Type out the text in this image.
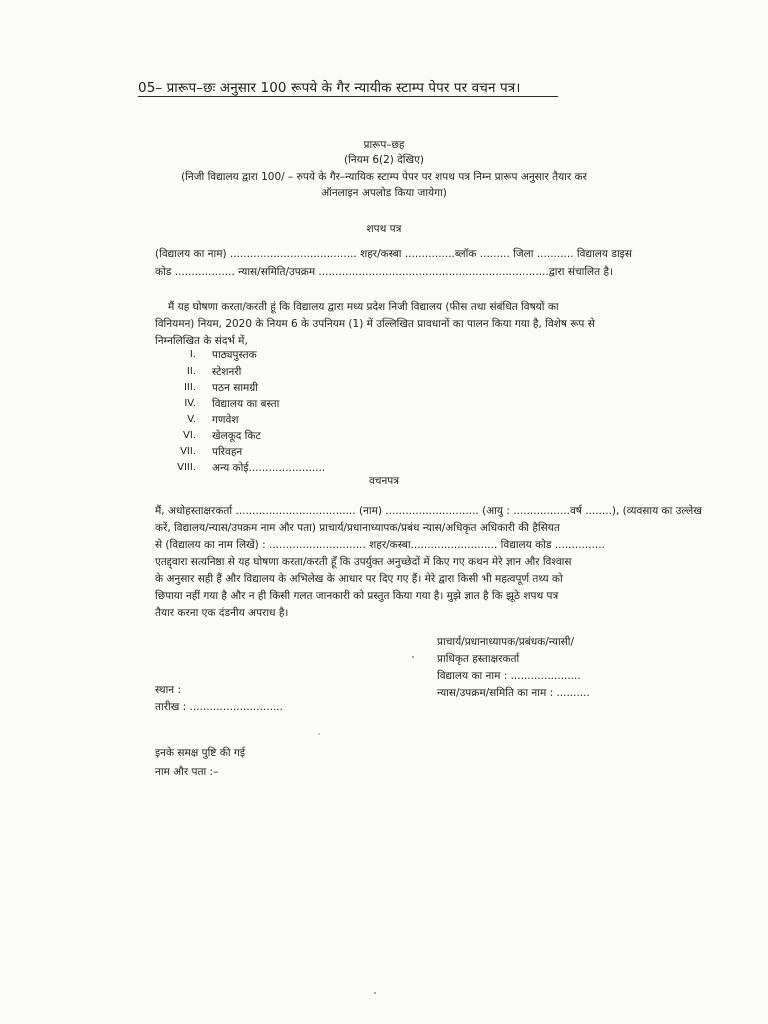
05– प्रारूप–छः अनुसार 100 रूपये के गैर न्यायीक स्टाम्प पेपर पर वचन पत्र।
प्रारूप–छह
(नियम 6(2) देखिए)
(निजी विद्यालय द्वारा 100/ – रुपये के गैर–न्यायिक स्टाम्प पेपर पर शपथ पत्र निम्न प्रारूप अनुसार तैयार कर
ऑनलाइन अपलोड किया जायेगा)
शपथ पत्र
(विद्यालय का नाम) ...................................... शहर/कस्बा ...............ब्लॉक ......... जिला ........... विद्यालय डाइस
कोड .................. न्यास/समिति/उपक्रम .....................................................................द्वारा संचालित है।
मैं यह घोषणा करता/करती हूं कि विद्यालय द्वारा मध्य प्रदेश निजी विद्यालय (फीस तथा संबंधित विषयों का
विनियमन) नियम, 2020 के नियम 6 के उपनियम (1) में उल्लिखित प्रावधानों का पालन किया गया है, विशेष रूप से
निम्नलिखित के संदर्भ में,
I. पाठ्यपुस्तक
II. स्टेशनरी
III. पठन सामग्री
IV. विद्यालय का बस्ता
V. गणवेश
VI. खेलकूद किट
VII. परिवहन
VIII. अन्य कोई.......................
वचनपत्र
मैं, अधोहस्ताक्षरकर्ता .................................... (नाम) ............................ (आयु : .................वर्ष ........), (व्यवसाय का उल्लेख
करें, विद्यालय/न्यास/उपक्रम नाम और पता) प्राचार्य/प्रधानाध्यापक/प्रबंध न्यास/अधिकृत अधिकारी की हैसियत
से (विद्यालय का नाम लिखें) : ............................. शहर/कस्बा.......................... विद्यालय कोड ...............
एतद्द्वारा सत्यनिष्ठा से यह घोषणा करता/करती हूँ कि उपर्युक्त अनुच्छेदों में किए गए कथन मेरे ज्ञान और विश्वास
के अनुसार सही हैं और विद्यालय के अभिलेख के आधार पर दिए गए हैं। मेरे द्वारा किसी भी महत्वपूर्ण तथ्य को
छिपाया नहीं गया है और न ही किसी गलत जानकारी को प्रस्तुत किया गया है। मुझे ज्ञात है कि झूठे शपथ पत्र
तैयार करना एक दंडनीय अपराध है।
प्राचार्य/प्रधानाध्यापक/प्रबंधक/न्यासी/
प्राधिकृत हस्ताक्षरकर्ता
विद्यालय का नाम : .....................
न्यास/उपक्रम/समिति का नाम : ..........
स्थान :
तारीख : ............................
इनके समक्ष पुष्टि की गई
नाम और पता :–
